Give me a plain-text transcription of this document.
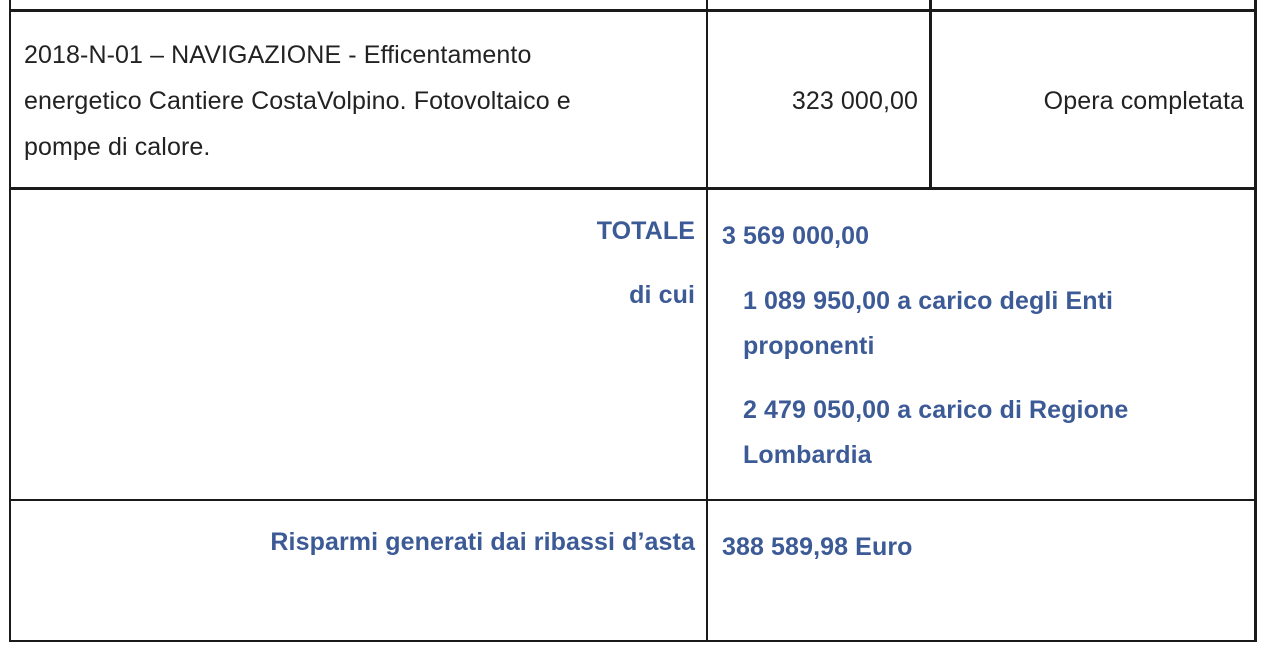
2018-N-01 – NAVIGAZIONE - Efficentamento
energetico Cantiere CostaVolpino. Fotovoltaico e
pompe di calore.
323 000,00	Opera completata
TOTALE 3 569 000,00
di cui 1 089 950,00 a carico degli Enti
proponenti
2 479 050,00 a carico di Regione
Lombardia
Risparmi generati dai ribassi d’asta 388 589,98 Euro
